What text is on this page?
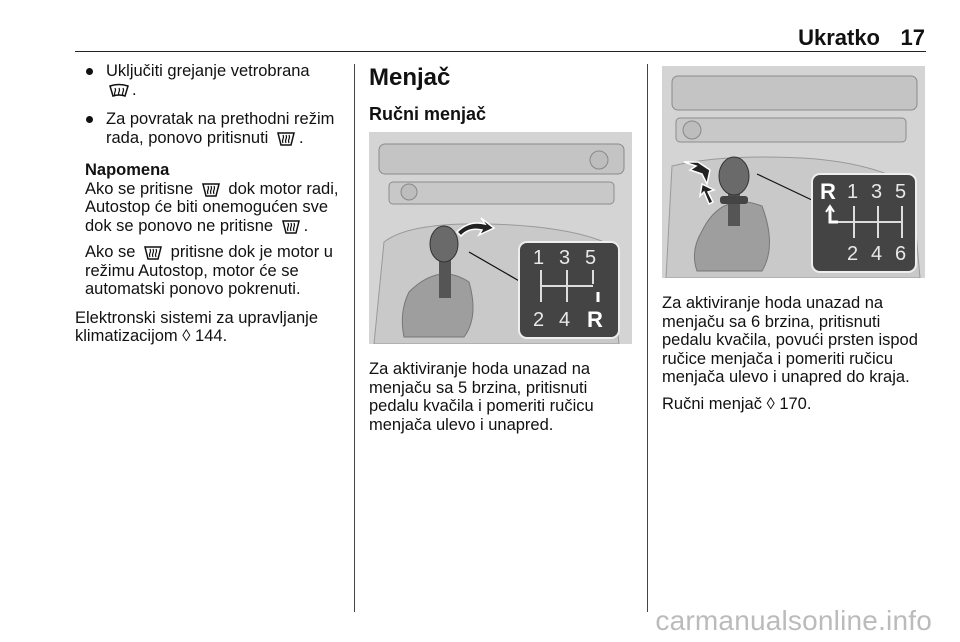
Ukratko 17
Uključiti grejanje vetrobrana
.
Za povratak na prethodni režim rada, ponovo pritisnuti .
Napomena

Ako se pritisne dok motor radi, Autostop će biti onemogućen sve dok se ponovo ne pritisne .

Ako se pritisne dok je motor u režimu Autostop, motor će se automatski ponovo pokrenuti.

Elektronski sistemi za upravljanje klimatizacijom ◊ 144.

Menjač
Ručni menjač
1 3 5
2 4 R

Za aktiviranje hoda unazad na menjaču sa 5 brzina, pritisnuti pedalu kvačila i pomeriti ručicu menjača ulevo i unapred.

R 1 3 5
2 4 6

Za aktiviranje hoda unazad na menjaču sa 6 brzina, pritisnuti pedalu kvačila, povući prsten ispod ručice menjača i pomeriti ručicu menjača ulevo i unapred do kraja.

Ručni menjač ◊ 170.

carmanualsonline.info
